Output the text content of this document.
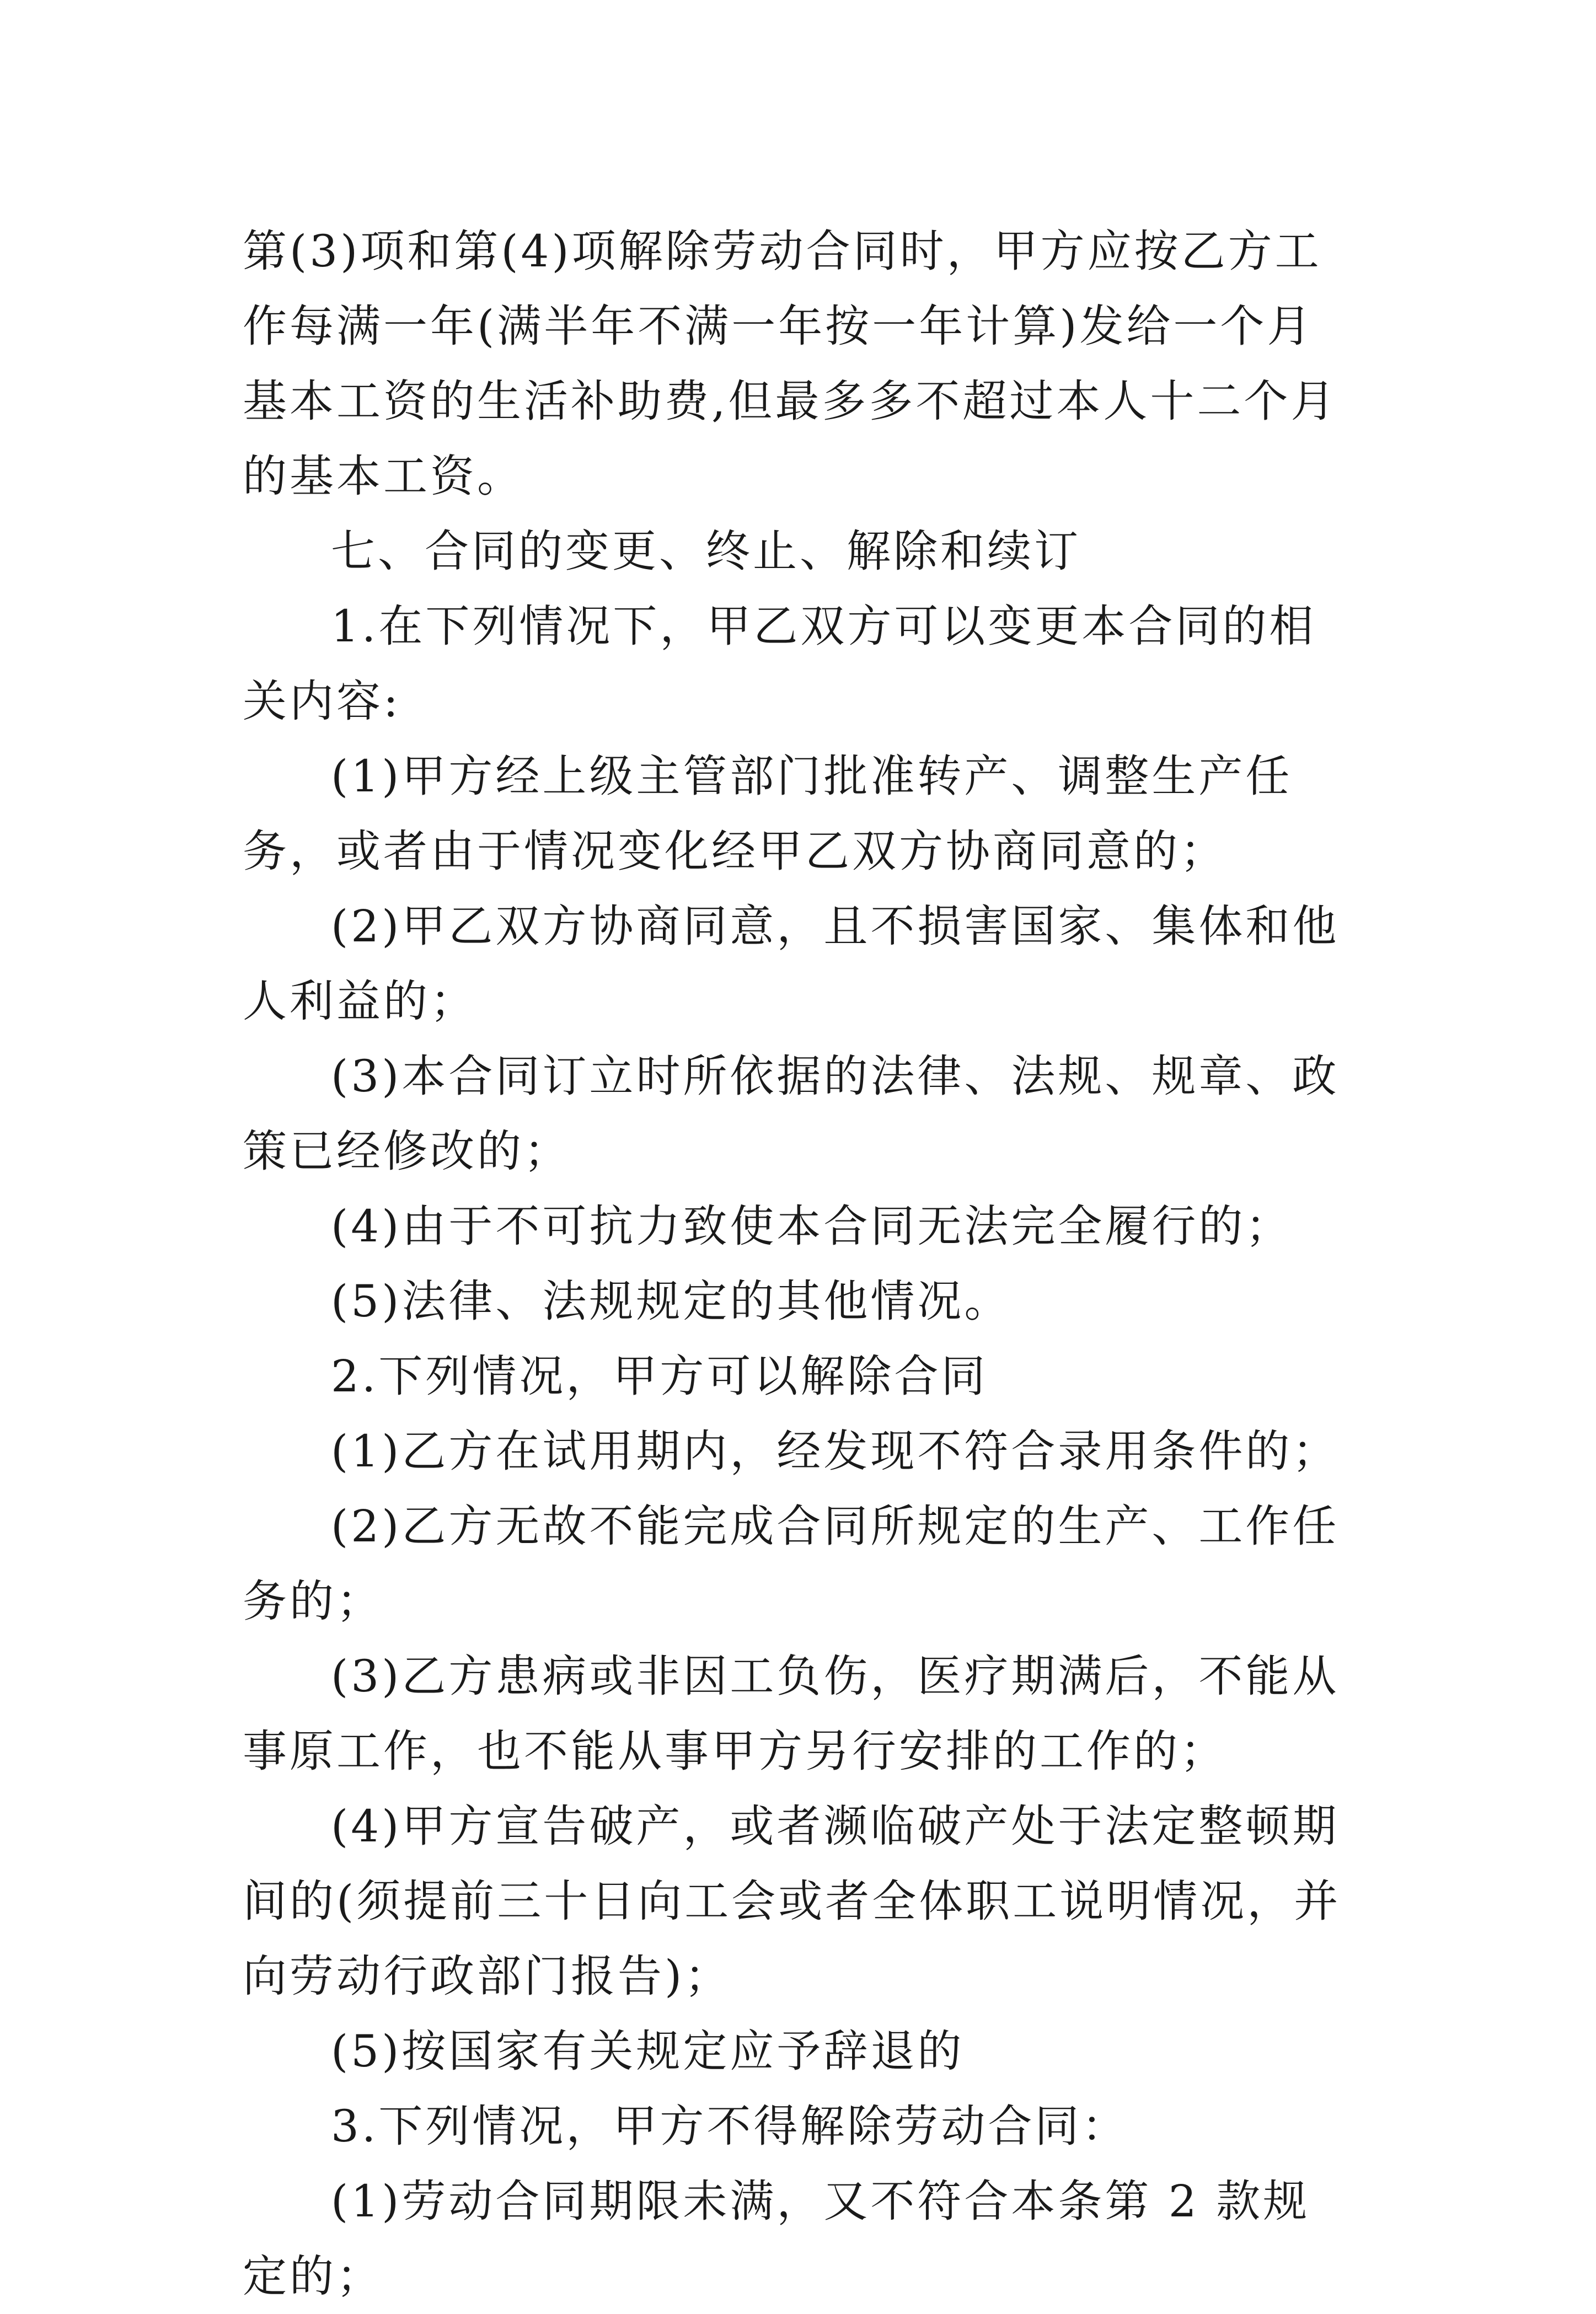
第(3)项和第(4)项解除劳动合同时，甲方应按乙方工作每满一年(满半年不满一年按一年计算)发给一个月基本工资的生活补助费,但最多多不超过本人十二个月的基本工资。

七、合同的变更、终止、解除和续订

1.在下列情况下，甲乙双方可以变更本合同的相关内容:

(1)甲方经上级主管部门批准转产、调整生产任务，或者由于情况变化经甲乙双方协商同意的；

(2)甲乙双方协商同意，且不损害国家、集体和他人利益的；

(3)本合同订立时所依据的法律、法规、规章、政策已经修改的；

(4)由于不可抗力致使本合同无法完全履行的；

(5)法律、法规规定的其他情况。

2.下列情况，甲方可以解除合同

(1)乙方在试用期内，经发现不符合录用条件的；

(2)乙方无故不能完成合同所规定的生产、工作任务的；

(3)乙方患病或非因工负伤，医疗期满后，不能从事原工作，也不能从事甲方另行安排的工作的；

(4)甲方宣告破产，或者濒临破产处于法定整顿期间的(须提前三十日向工会或者全体职工说明情况，并向劳动行政部门报告)；

(5)按国家有关规定应予辞退的

3.下列情况，甲方不得解除劳动合同：

(1)劳动合同期限未满，又不符合本条第 2 款规定的；
